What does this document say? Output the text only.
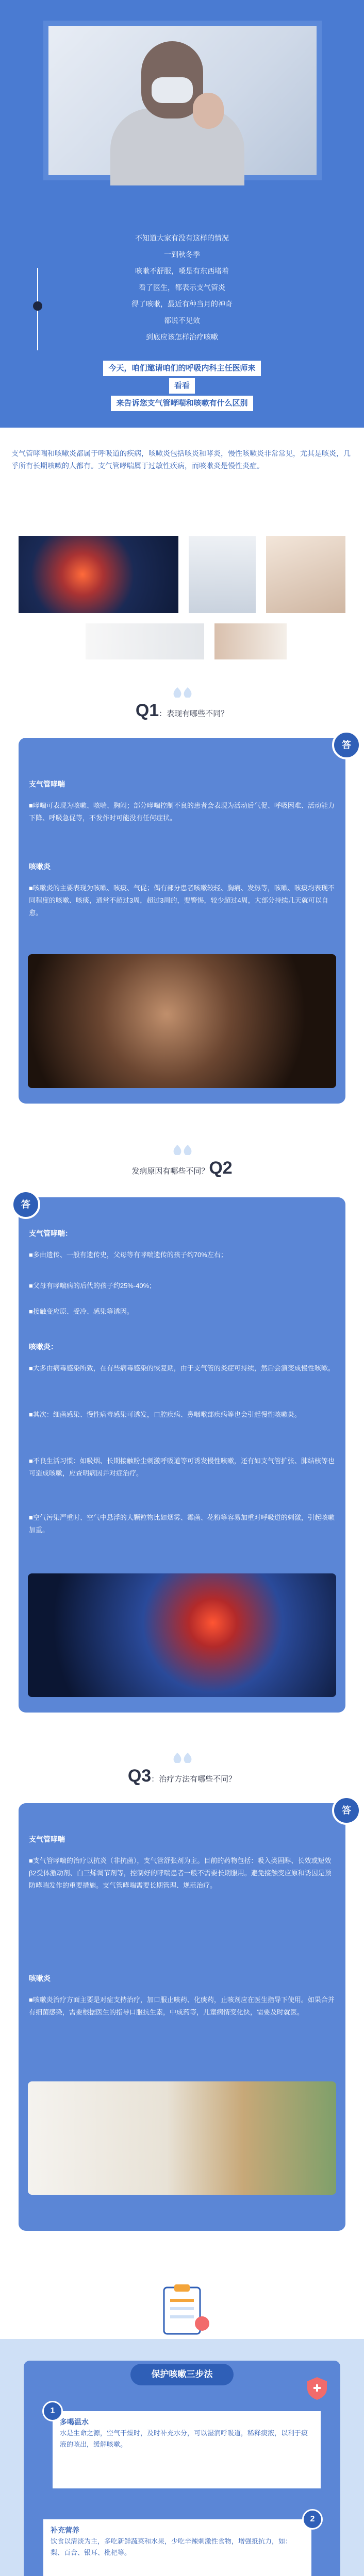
不知道大家有没有这样的情况
一到秋冬季
咳嗽不舒服，嗓是有东西堵着
看了医生，都表示支气管炎
得了咳嗽，最近有种当月的神奇
都说不见效
到底应该怎样治疗咳嗽
今天，咱们邀请咱们的呼吸内科主任医师来
看看
来告诉您支气管哮喘和咳嗽有什么区别
支气管哮喘和咳嗽炎都属于呼吸道的疾病，咳嗽炎包括咳炎和哮炎，慢性咳嗽炎非常常见，尤其是咳炎，几乎所有长期咳嗽的人都有。支气管哮喘属于过敏性疾病，而咳嗽炎是慢性炎症。
Q1：表现有哪些不同？
支气管哮喘
■哮喘可表现为咳嗽、咳喘、胸闷；部分哮喘控制不良的患者会表现为活动后气促、呼吸困难、活动能力下降、呼吸急促等，不发作时可能没有任何症状。
咳嗽炎
■咳嗽炎的主要表现为咳嗽、咳痰、气促；偶有部分患者咳嗽较轻、胸痛、发热等，咳嗽、咳痰均表现不同程度的咳嗽、咳痰，通常不超过3周，超过3周的，要警惕，较少超过4周，大部分持续几天就可以自愈。
答
发病原因有哪些不同？Q2
支气管哮喘：
■多由遗传、一般有遗传史，父母等有哮喘遗传的孩子约70%左右；
■父母有哮喘病的后代的孩子约25%-40%；
■接触变应原、受冷、感染等诱因。
咳嗽炎：
■大多由病毒感染所致，在有些病毒感染的恢复期，由于支气管的炎症可持续，然后会演变成慢性咳嗽。
■其次：细菌感染、慢性病毒感染可诱发，口腔疾病、鼻咽喉部疾病等也会引起慢性咳嗽炎。
■不良生活习惯：如吸烟、长期接触粉尘刺激呼吸道等可诱发慢性咳嗽，还有如支气管扩张、肺结核等也可造成咳嗽，应查明病因并对症治疗。
■空气污染严重时、空气中悬浮的大颗粒物比如烟雾、霉菌、花粉等容易加重对呼吸道的刺激，引起咳嗽加重。
答
Q3：治疗方法有哪些不同？
支气管哮喘
■支气管哮喘的治疗以抗炎（非抗菌），支气管舒张剂为主。目前的药物包括：吸入类固醇、长效或短效β2受体激动剂、白三烯调节剂等，控制好的哮喘患者一般不需要长期服用。避免接触变应原和诱因是预防哮喘发作的重要措施。支气管哮喘需要长期管理、规范治疗。
咳嗽炎
■咳嗽炎治疗方面主要是对症支持治疗，加口服止咳药、化痰药，止咳剂应在医生指导下使用。如果合并有细菌感染，需要根据医生的指导口服抗生素，中成药等，儿童病情变化快，需要及时就医。
答
保护咳嗽三步法
多喝温水
水是生命之源，空气干燥时，及时补充水分，可以湿润呼吸道，稀释痰液，以利于痰液的咳出，缓解咳嗽。
1
补充营养
饮食以清淡为主，多吃新鲜蔬菜和水果，少吃辛辣刺激性食物，增强抵抗力，如：梨、百合、银耳、枇杷等。
2
